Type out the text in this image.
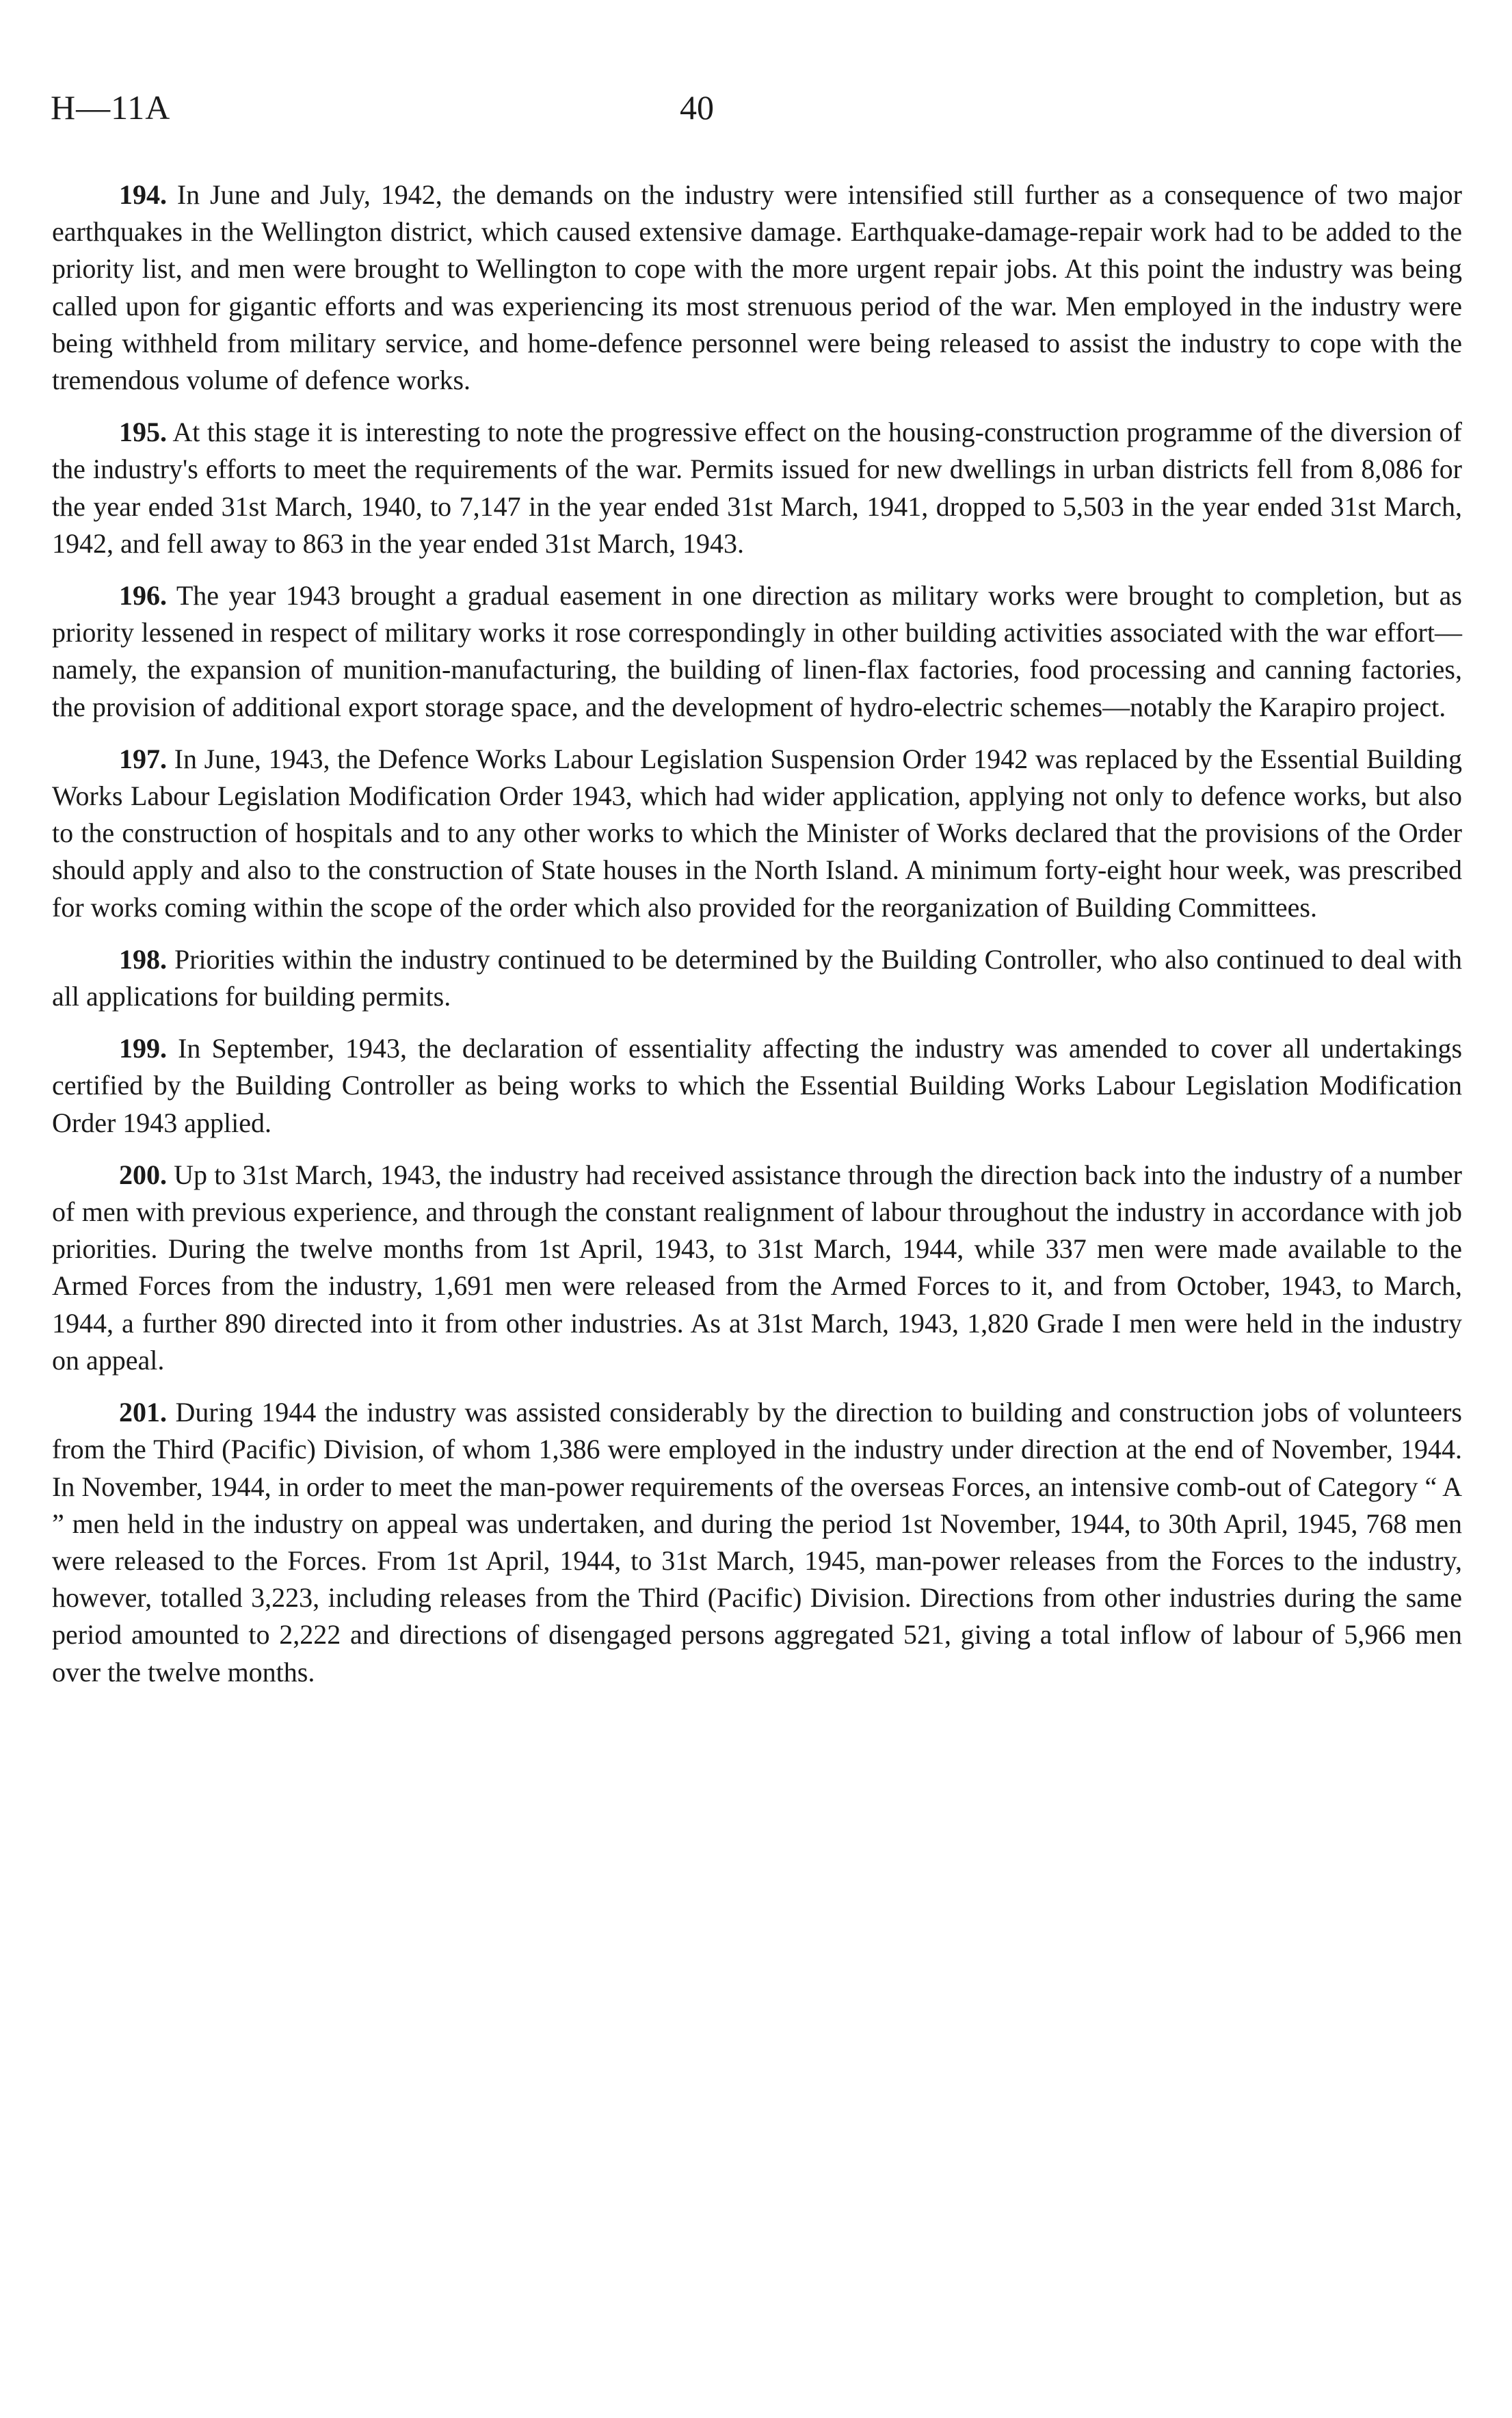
H—11A	40

194. In June and July, 1942, the demands on the industry were intensified still further as a consequence of two major earthquakes in the Wellington district, which caused extensive damage. Earthquake-damage-repair work had to be added to the priority list, and men were brought to Wellington to cope with the more urgent repair jobs. At this point the industry was being called upon for gigantic efforts and was experiencing its most strenuous period of the war. Men employed in the industry were being withheld from military service, and home-defence personnel were being released to assist the industry to cope with the tremendous volume of defence works.

195. At this stage it is interesting to note the progressive effect on the housing-construction programme of the diversion of the industry's efforts to meet the requirements of the war. Permits issued for new dwellings in urban districts fell from 8,086 for the year ended 31st March, 1940, to 7,147 in the year ended 31st March, 1941, dropped to 5,503 in the year ended 31st March, 1942, and fell away to 863 in the year ended 31st March, 1943.

196. The year 1943 brought a gradual easement in one direction as military works were brought to completion, but as priority lessened in respect of military works it rose correspondingly in other building activities associated with the war effort—namely, the expansion of munition-manufacturing, the building of linen-flax factories, food processing and canning factories, the provision of additional export storage space, and the development of hydro-electric schemes—notably the Karapiro project.

197. In June, 1943, the Defence Works Labour Legislation Suspension Order 1942 was replaced by the Essential Building Works Labour Legislation Modification Order 1943, which had wider application, applying not only to defence works, but also to the construction of hospitals and to any other works to which the Minister of Works declared that the provisions of the Order should apply and also to the construction of State houses in the North Island. A minimum forty-eight hour week, was prescribed for works coming within the scope of the order which also provided for the reorganization of Building Committees.

198. Priorities within the industry continued to be determined by the Building Controller, who also continued to deal with all applications for building permits.

199. In September, 1943, the declaration of essentiality affecting the industry was amended to cover all undertakings certified by the Building Controller as being works to which the Essential Building Works Labour Legislation Modification Order 1943 applied.

200. Up to 31st March, 1943, the industry had received assistance through the direction back into the industry of a number of men with previous experience, and through the constant realignment of labour throughout the industry in accordance with job priorities. During the twelve months from 1st April, 1943, to 31st March, 1944, while 337 men were made available to the Armed Forces from the industry, 1,691 men were released from the Armed Forces to it, and from October, 1943, to March, 1944, a further 890 directed into it from other industries. As at 31st March, 1943, 1,820 Grade I men were held in the industry on appeal.

201. During 1944 the industry was assisted considerably by the direction to building and construction jobs of volunteers from the Third (Pacific) Division, of whom 1,386 were employed in the industry under direction at the end of November, 1944. In November, 1944, in order to meet the man-power requirements of the overseas Forces, an intensive comb-out of Category “ A ” men held in the industry on appeal was undertaken, and during the period 1st November, 1944, to 30th April, 1945, 768 men were released to the Forces. From 1st April, 1944, to 31st March, 1945, man-power releases from the Forces to the industry, however, totalled 3,223, including releases from the Third (Pacific) Division. Directions from other industries during the same period amounted to 2,222 and directions of disengaged persons aggregated 521, giving a total inflow of labour of 5,966 men over the twelve months.
